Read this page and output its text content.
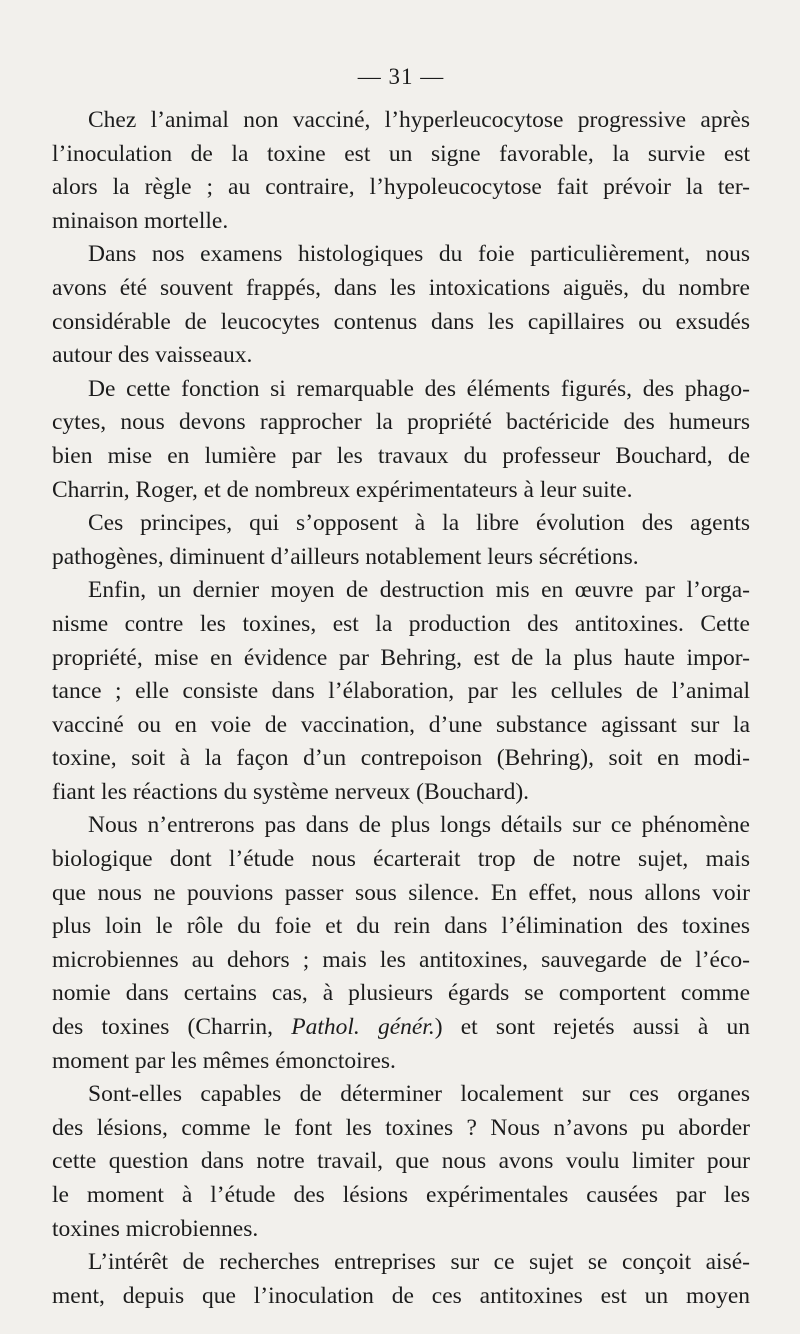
— 31 —
Chez l’animal non vacciné, l’hyperleucocytose progressive après
l’inoculation de la toxine est un signe favorable, la survie est
alors la règle ; au contraire, l’hypoleucocytose fait prévoir la ter-
minaison mortelle.
Dans nos examens histologiques du foie particulièrement, nous
avons été souvent frappés, dans les intoxications aiguës, du nombre
considérable de leucocytes contenus dans les capillaires ou exsudés
autour des vaisseaux.
De cette fonction si remarquable des éléments figurés, des phago-
cytes, nous devons rapprocher la propriété bactéricide des humeurs
bien mise en lumière par les travaux du professeur Bouchard, de
Charrin, Roger, et de nombreux expérimentateurs à leur suite.
Ces principes, qui s’opposent à la libre évolution des agents
pathogènes, diminuent d’ailleurs notablement leurs sécrétions.
Enfin, un dernier moyen de destruction mis en œuvre par l’orga-
nisme contre les toxines, est la production des antitoxines. Cette
propriété, mise en évidence par Behring, est de la plus haute impor-
tance ; elle consiste dans l’élaboration, par les cellules de l’animal
vacciné ou en voie de vaccination, d’une substance agissant sur la
toxine, soit à la façon d’un contrepoison (Behring), soit en modi-
fiant les réactions du système nerveux (Bouchard).
Nous n’entrerons pas dans de plus longs détails sur ce phénomène
biologique dont l’étude nous écarterait trop de notre sujet, mais
que nous ne pouvions passer sous silence. En effet, nous allons voir
plus loin le rôle du foie et du rein dans l’élimination des toxines
microbiennes au dehors ; mais les antitoxines, sauvegarde de l’éco-
nomie dans certains cas, à plusieurs égards se comportent comme
des toxines (Charrin, Pathol. génér.) et sont rejetés aussi à un
moment par les mêmes émonctoires.
Sont-elles capables de déterminer localement sur ces organes
des lésions, comme le font les toxines ? Nous n’avons pu aborder
cette question dans notre travail, que nous avons voulu limiter pour
le moment à l’étude des lésions expérimentales causées par les
toxines microbiennes.
L’intérêt de recherches entreprises sur ce sujet se conçoit aisé-
ment, depuis que l’inoculation de ces antitoxines est un moyen
